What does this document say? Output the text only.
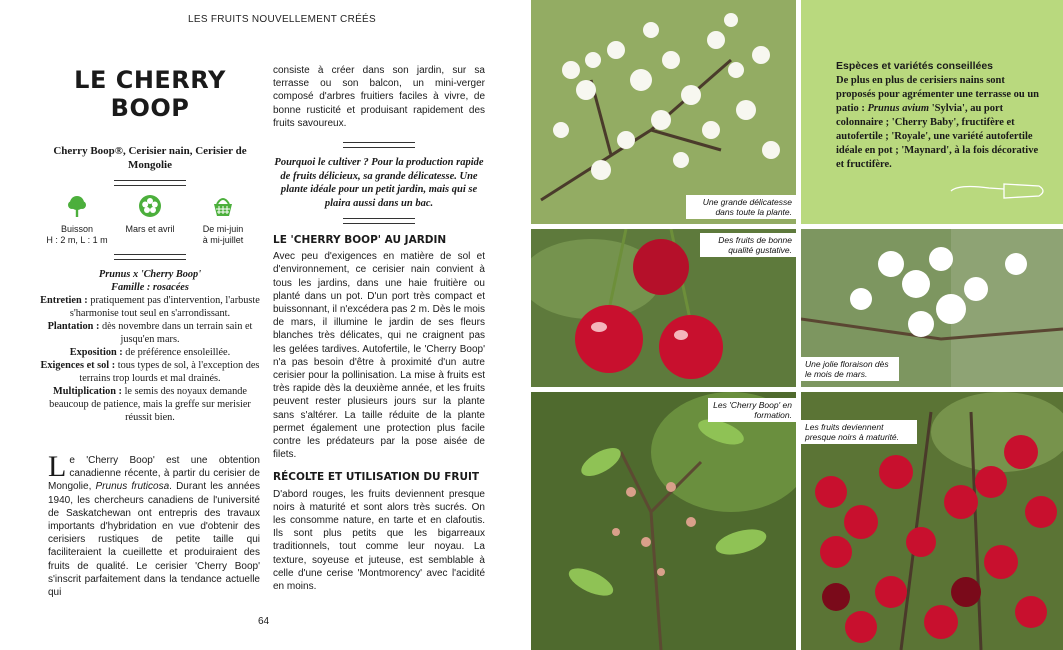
LES FRUITS NOUVELLEMENT CRÉÉS
LE CHERRY
BOOP
Cherry Boop®, Cerisier nain, Cerisier de Mongolie
Buisson
H : 2 m, L : 1 m
Mars et avril	De mi-juin
à mi-juillet
Prunus x 'Cherry Boop'
Famille : rosacées
Entretien : pratiquement pas d'intervention, l'arbuste s'harmonise tout seul en s'arrondissant.
Plantation : dès novembre dans un terrain sain et jusqu'en mars.
Exposition : de préférence ensoleillée.
Exigences et sol : tous types de sol, à l'exception des terrains trop lourds et mal drainés.
Multiplication : le semis des noyaux demande beaucoup de patience, mais la greffe sur merisier réussit bien.
Le 'Cherry Boop' est une obtention canadienne récente, à partir du cerisier de Mongolie, Prunus fruticosa. Durant les années 1940, les chercheurs canadiens de l'université de Saskatchewan ont entrepris des travaux importants d'hybridation en vue d'obtenir des cerisiers rustiques de petite taille qui faciliteraient la cueillette et produiraient des fruits de qualité. Le cerisier 'Cherry Boop' s'inscrit parfaitement dans la tendance actuelle qui
consiste à créer dans son jardin, sur sa terrasse ou son balcon, un mini-verger composé d'arbres fruitiers faciles à vivre, de bonne rusticité et produisant rapidement des fruits savoureux.
Pourquoi le cultiver ? Pour la production rapide de fruits délicieux, sa grande délicatesse. Une plante idéale pour un petit jardin, mais qui se plaira aussi dans un bac.
LE 'CHERRY BOOP' AU JARDIN
Avec peu d'exigences en matière de sol et d'environnement, ce cerisier nain convient à tous les jardins, dans une haie fruitière ou planté dans un pot. D'un port très compact et buissonnant, il n'excédera pas 2 m. Dès le mois de mars, il illumine le jardin de ses fleurs blanches très délicates, qui ne craignent pas les gelées tardives. Autofertile, le 'Cherry Boop' n'a pas besoin d'être à proximité d'un autre cerisier pour la pollinisation. La mise à fruits est très rapide dès la deuxième année, et les fruits peuvent rester plusieurs jours sur la plante sans s'altérer. La taille réduite de la plante permet également une protection plus facile contre les prédateurs par la pose aisée de filets.
RÉCOLTE ET UTILISATION DU FRUIT
D'abord rouges, les fruits deviennent presque noirs à maturité et sont alors très sucrés. On les consomme nature, en tarte et en clafoutis. Ils sont plus petits que les bigarreaux traditionnels, tout comme leur noyau. La texture, soyeuse et juteuse, est semblable à celle d'une cerise 'Montmorency' avec l'acidité en moins.
64
Une grande délicatesse dans toute la plante.
Espèces et variétés conseillées
De plus en plus de cerisiers nains sont proposés pour agrémenter une terrasse ou un patio : Prunus avium 'Sylvia', au port colonnaire ; 'Cherry Baby', fructifère et autofertile ; 'Royale', une variété autofertile idéale en pot ; 'Maynard', à la fois décorative et fructifère.
Des fruits de bonne qualité gustative.
Une jolie floraison dès le mois de mars.
Les 'Cherry Boop' en formation.
Les fruits deviennent presque noirs à maturité.
